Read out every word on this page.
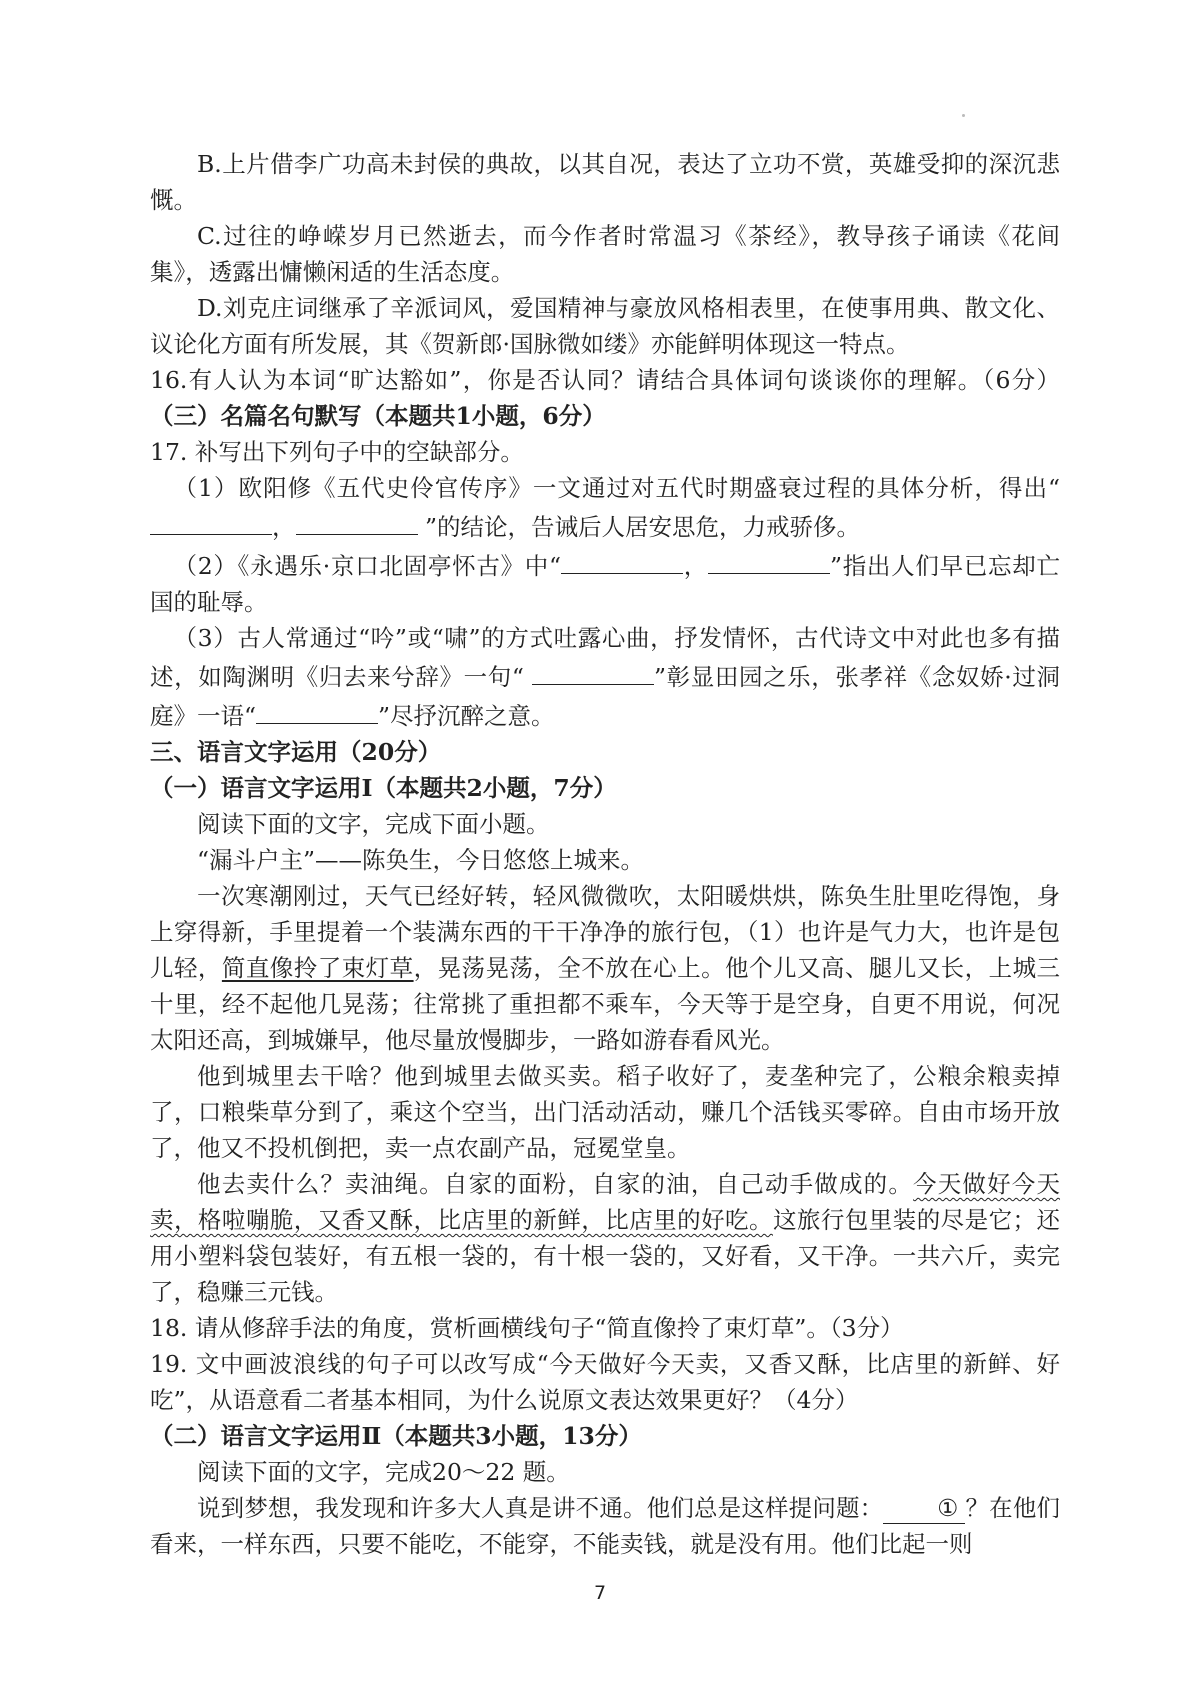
B.上片借李广功高未封侯的典故，以其自况，表达了立功不赏，英雄受抑的深沉悲慨。

C.过往的峥嵘岁月已然逝去，而今作者时常温习《茶经》，教导孩子诵读《花间集》，透露出慵懒闲适的生活态度。

D.刘克庄词继承了辛派词风，爱国精神与豪放风格相表里，在使事用典、散文化、议论化方面有所发展，其《贺新郎·国脉微如缕》亦能鲜明体现这一特点。

16.有人认为本词“旷达豁如”，你是否认同？请结合具体词句谈谈你的理解。（6分）（三）名篇名句默写（本题共1小题，6分）

17. 补写出下列句子中的空缺部分。

（1）欧阳修《五代史伶官传序》一文通过对五代时期盛衰过程的具体分析，得出“ ，	”的结论，告诫后人居安思危，力戒骄侈。

（2）《永遇乐·京口北固亭怀古》中“	，	”指出人们早已忘却亡国的耻辱。

（3）古人常通过“吟”或“啸”的方式吐露心曲，抒发情怀，古代诗文中对此也多有描述，如陶渊明《归去来兮辞》一句“	”彰显田园之乐，张孝祥《念奴娇·过洞庭》一语“	”尽抒沉醉之意。

三、语言文字运用（20分）

（一）语言文字运用Ⅰ（本题共2小题，7分）

阅读下面的文字，完成下面小题。

“漏斗户主”——陈奂生，今日悠悠上城来。

一次寒潮刚过，天气已经好转，轻风微微吹，太阳暖烘烘，陈奂生肚里吃得饱，身上穿得新，手里提着一个装满东西的干干净净的旅行包，（1）也许是气力大，也许是包儿轻，简直像拎了束灯草，晃荡晃荡，全不放在心上。他个儿又高、腿儿又长，上城三十里，经不起他几晃荡；往常挑了重担都不乘车，今天等于是空身，自更不用说，何况太阳还高，到城嫌早，他尽量放慢脚步，一路如游春看风光。

他到城里去干啥？他到城里去做买卖。稻子收好了，麦垄种完了，公粮余粮卖掉了，口粮柴草分到了，乘这个空当，出门活动活动，赚几个活钱买零碎。自由市场开放了，他又不投机倒把，卖一点农副产品，冠冕堂皇。

他去卖什么？卖油绳。自家的面粉，自家的油，自己动手做成的。今天做好今天卖，格啦嘣脆，又香又酥，比店里的新鲜，比店里的好吃。这旅行包里装的尽是它；还用小塑料袋包装好，有五根一袋的，有十根一袋的，又好看，又干净。一共六斤，卖完了，稳赚三元钱。

18. 请从修辞手法的角度，赏析画横线句子“简直像拎了束灯草”。（3分）

19. 文中画波浪线的句子可以改写成“今天做好今天卖，又香又酥，比店里的新鲜、好吃”，从语意看二者基本相同，为什么说原文表达效果更好？（4分）

（二）语言文字运用Ⅱ（本题共3小题，13分）

阅读下面的文字，完成20～22 题。

说到梦想，我发现和许多大人真是讲不通。他们总是这样提问题： ① ？在他们看来，一样东西，只要不能吃，不能穿，不能卖钱，就是没有用。他们比起一则

7
